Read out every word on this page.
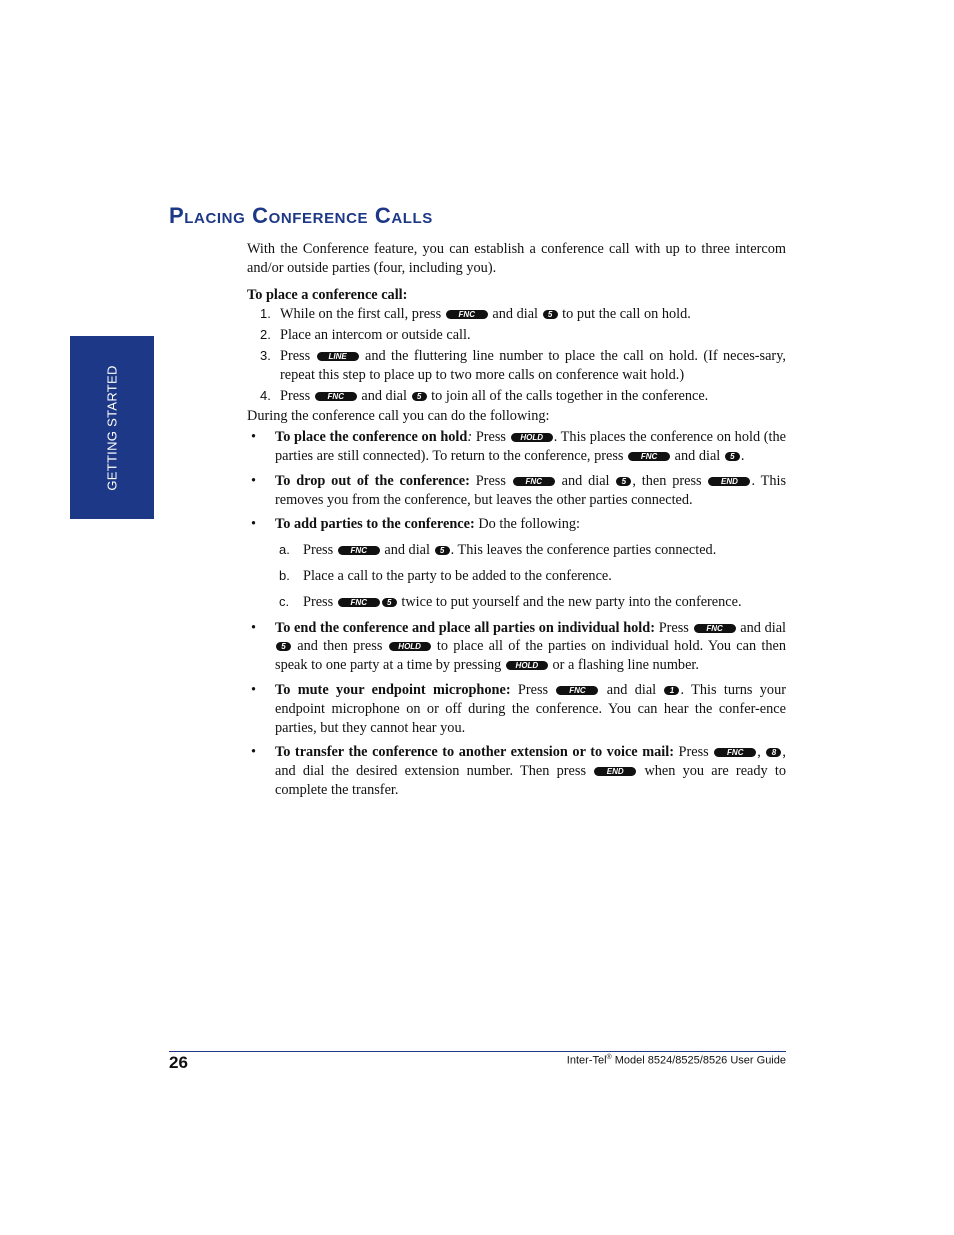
GETTING STARTED
Placing Conference Calls

With the Conference feature, you can establish a conference call with up to three intercom and/or outside parties (four, including you).

To place a conference call:

1. While on the first call, press FNC and dial 5 to put the call on hold.
2. Place an intercom or outside call.
3. Press LINE and the fluttering line number to place the call on hold. (If neces-sary, repeat this step to place up to two more calls on conference wait hold.)
4. Press FNC and dial 5 to join all of the calls together in the conference.

During the conference call you can do the following:

• To place the conference on hold: Press HOLD . This places the conference on hold (the parties are still connected). To return to the conference, press FNC and dial 5 .
• To drop out of the conference: Press FNC and dial 5 , then press END . This removes you from the conference, but leaves the other parties connected.
• To add parties to the conference: Do the following:
a. Press FNC and dial 5 . This leaves the conference parties connected.
b. Place a call to the party to be added to the conference.
c. Press FNC	5 twice to put yourself and the new party into the conference.
• To end the conference and place all parties on individual hold: Press FNC and dial 5 and then press HOLD to place all of the parties on individual hold. You can then speak to one party at a time by pressing HOLD or a flashing line number.
• To mute your endpoint microphone: Press	FNC and dial 1 . This turns your endpoint microphone on or off during the conference. You can hear the confer-ence parties, but they cannot hear you.
• To transfer the conference to another extension or to voice mail: Press FNC , 8 , and dial the desired extension number. Then press	END when you are ready to complete the transfer.
26	Inter-Tel® Model 8524/8525/8526 User Guide
